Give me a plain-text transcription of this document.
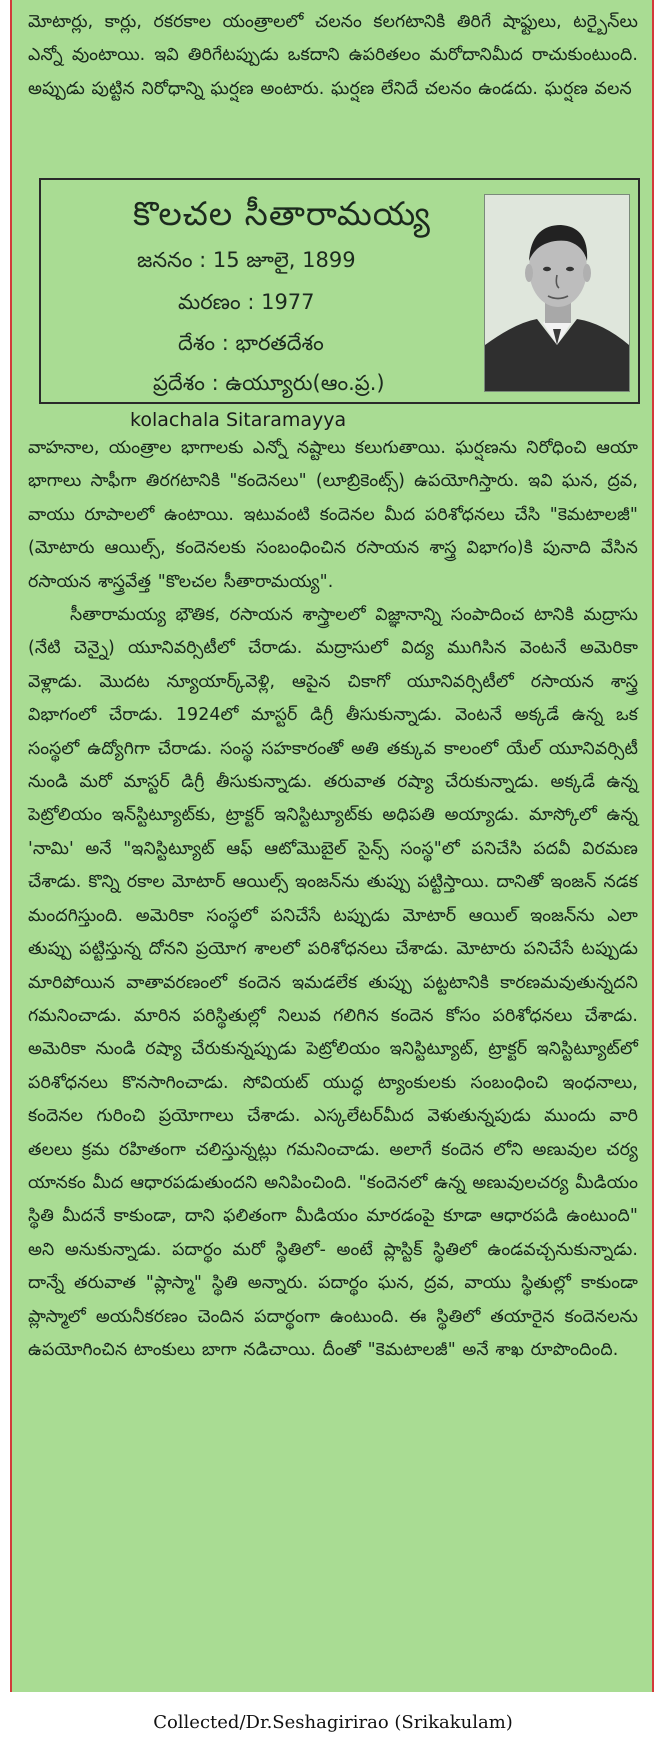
మోటార్లు, కార్లు, రకరకాల యంత్రాలలో చలనం కలగటానికి తిరిగే షాఫ్టులు, టర్బైన్‌లు ఎన్నో వుంటాయి. ఇవి తిరిగేటప్పుడు ఒకదాని ఉపరితలం మరోదానిమీద రాచుకుంటుంది. అప్పుడు పుట్టిన నిరోధాన్ని ఘర్షణ అంటారు. ఘర్షణ లేనిదే చలనం ఉండదు. ఘర్షణ వలన

కొలచల సీతారామయ్య
జననం : 15 జూలై, 1899
మరణం : 1977
దేశం : భారతదేశం
ప్రదేశం : ఉయ్యూరు(ఆం.ప్ర.)
kolachala Sitaramayya

వాహనాల, యంత్రాల భాగాలకు ఎన్నో నష్టాలు కలుగుతాయి. ఘర్షణను నిరోధించి ఆయా భాగాలు సాఫీగా తిరగటానికి "కందెనలు" (లూబ్రికెంట్స్) ఉపయోగిస్తారు. ఇవి ఘన, ద్రవ, వాయు రూపాలలో ఉంటాయి. ఇటువంటి కందెనల మీద పరిశోధనలు చేసి "కెమటాలజీ" (మోటారు ఆయిల్స్, కందెనలకు సంబంధించిన రసాయన శాస్త్ర విభాగం)కి పునాది వేసిన రసాయన శాస్త్రవేత్త "కొలచల సీతారామయ్య".

సీతారామయ్య భౌతిక, రసాయన శాస్త్రాలలో విజ్ఞానాన్ని సంపాదించ టానికి మద్రాసు (నేటి చెన్నై) యూనివర్సిటీలో చేరాడు. మద్రాసులో విద్య ముగిసిన వెంటనే అమెరికా వెళ్లాడు. మొదట న్యూయార్క్‌వెళ్లి, ఆపైన చికాగో యూనివర్సిటీలో రసాయన శాస్త్ర విభాగంలో చేరాడు. 1924లో మాస్టర్ డిగ్రీ తీసుకున్నాడు. వెంటనే అక్కడే ఉన్న ఒక సంస్థలో ఉద్యోగిగా చేరాడు. సంస్థ సహకారంతో అతి తక్కువ కాలంలో యేల్ యూనివర్సిటీ నుండి మరో మాస్టర్ డిగ్రీ తీసుకున్నాడు. తరువాత రష్యా చేరుకున్నాడు. అక్కడే ఉన్న పెట్రోలియం ఇన్‌స్టిట్యూట్‌కు, ట్రాక్టర్ ఇనిస్టిట్యూట్‌కు అధిపతి అయ్యాడు. మాస్కోలో ఉన్న 'నామి' అనే "ఇనిస్టిట్యూట్ ఆఫ్ ఆటోమొబైల్ సైన్స్ సంస్థ"లో పనిచేసి పదవీ విరమణ చేశాడు. కొన్ని రకాల మోటార్ ఆయిల్స్ ఇంజన్‌ను తుప్పు పట్టిస్తాయి. దానితో ఇంజన్ నడక మందగిస్తుంది. అమెరికా సంస్థలో పనిచేసే టప్పుడు మోటార్ ఆయిల్ ఇంజన్‌ను ఎలా తుప్పు పట్టిస్తున్న దోనని ప్రయోగ శాలలో పరిశోధనలు చేశాడు. మోటారు పనిచేసే టప్పుడు మారిపోయిన వాతావరణంలో కందెన ఇమడలేక తుప్పు పట్టటానికి కారణమవుతున్నదని గమనించాడు. మారిన పరిస్థితుల్లో నిలువ గలిగిన కందెన కోసం పరిశోధనలు చేశాడు. అమెరికా నుండి రష్యా చేరుకున్నప్పుడు పెట్రోలియం ఇనిస్టిట్యూట్, ట్రాక్టర్ ఇనిస్టిట్యూట్‌లో పరిశోధనలు కొనసాగించాడు. సోవియట్ యుద్ధ ట్యాంకులకు సంబంధించి ఇంధనాలు, కందెనల గురించి ప్రయోగాలు చేశాడు. ఎస్కలేటర్‌మీద వెళుతున్నపుడు ముందు వారి తలలు క్రమ రహితంగా చలిస్తున్నట్లు గమనించాడు. అలాగే కందెన లోని అణువుల చర్య యానకం మీద ఆధారపడుతుందని అనిపించింది. "కందెనలో ఉన్న అణువులచర్య మీడియం స్థితి మీదనే కాకుండా, దాని ఫలితంగా మీడియం మారడంపై కూడా ఆధారపడి ఉంటుంది" అని అనుకున్నాడు. పదార్థం మరో స్థితిలో- అంటే ప్లాస్టిక్ స్థితిలో ఉండవచ్చనుకున్నాడు. దాన్నే తరువాత "ప్లాస్మా" స్థితి అన్నారు. పదార్థం ఘన, ద్రవ, వాయు స్థితుల్లో కాకుండా ప్లాస్మాలో అయనీకరణం చెందిన పదార్థంగా ఉంటుంది. ఈ స్థితిలో తయారైన కందెనలను ఉపయోగించిన టాంకులు బాగా నడిచాయి. దీంతో "కెమటాలజీ" అనే శాఖ రూపొందింది.

Collected/Dr.Seshagirirao (Srikakulam)
